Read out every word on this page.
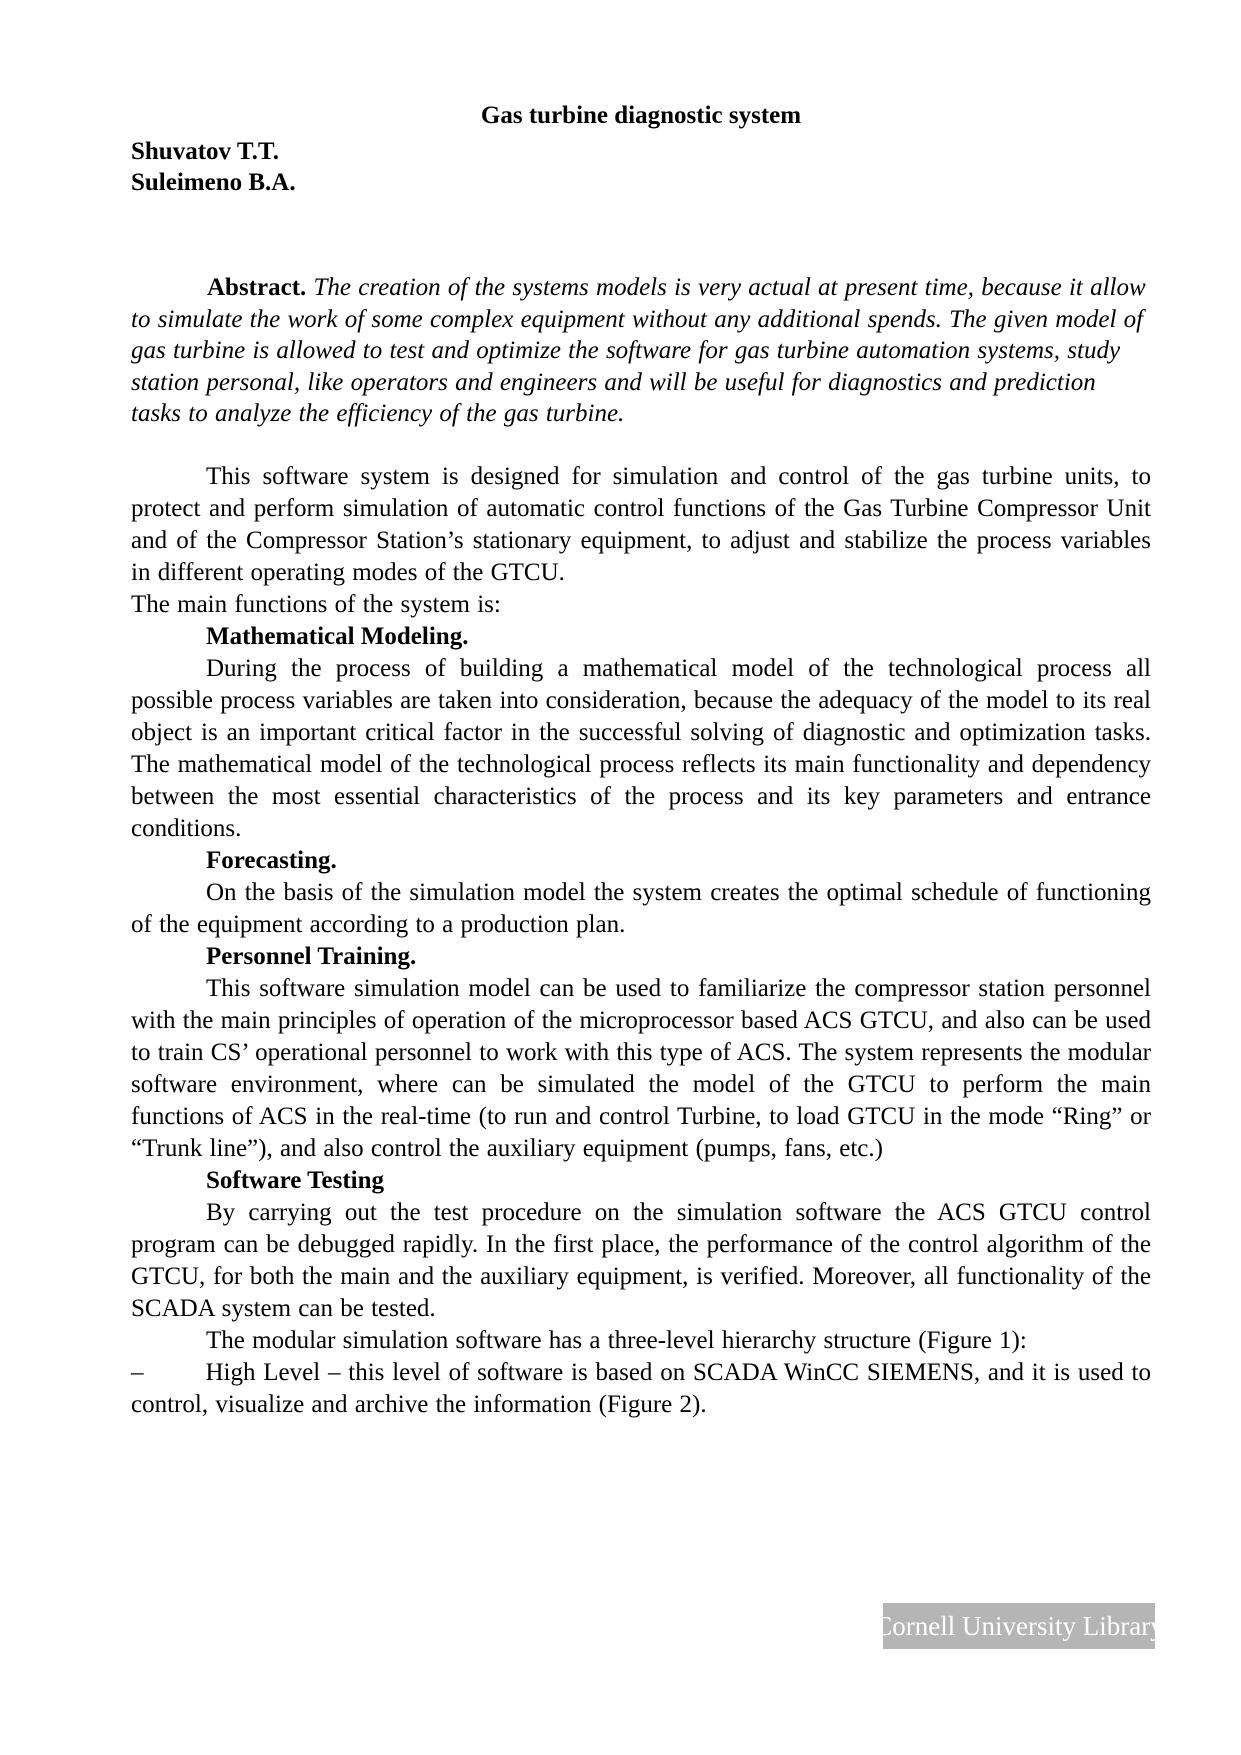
Gas turbine diagnostic system
Shuvatov T.T.
Suleimeno B.A.

Abstract. The creation of the systems models is very actual at present time, because it allow to simulate the work of some complex equipment without any additional spends. The given model of gas turbine is allowed to test and optimize the software for gas turbine automation systems, study station personal, like operators and engineers and will be useful for diagnostics and prediction tasks to analyze the efficiency of the gas turbine.

This software system is designed for simulation and control of the gas turbine units, to protect and perform simulation of automatic control functions of the Gas Turbine Compressor Unit and of the Compressor Station’s stationary equipment, to adjust and stabilize the process variables in different operating modes of the GTCU.

The main functions of the system is:

Mathematical Modeling.

During the process of building a mathematical model of the technological process all possible process variables are taken into consideration, because the adequacy of the model to its real object is an important critical factor in the successful solving of diagnostic and optimization tasks. The mathematical model of the technological process reflects its main functionality and dependency between the most essential characteristics of the process and its key parameters and entrance conditions.

Forecasting.

On the basis of the simulation model the system creates the optimal schedule of functioning of the equipment according to a production plan.

Personnel Training.

This software simulation model can be used to familiarize the compressor station personnel with the main principles of operation of the microprocessor based ACS GTCU, and also can be used to train CS’ operational personnel to work with this type of ACS. The system represents the modular software environment, where can be simulated the model of the GTCU to perform the main functions of ACS in the real-time (to run and control Turbine, to load GTCU in the mode “Ring” or “Trunk line”), and also control the auxiliary equipment (pumps, fans, etc.)

Software Testing

By carrying out the test procedure on the simulation software the ACS GTCU control program can be debugged rapidly. In the first place, the performance of the control algorithm of the GTCU, for both the main and the auxiliary equipment, is verified. Moreover, all functionality of the SCADA system can be tested.

The modular simulation software has a three-level hierarchy structure (Figure 1):

– High Level – this level of software is based on SCADA WinCC SIEMENS, and it is used to control, visualize and archive the information (Figure 2).

Cornell University Library
